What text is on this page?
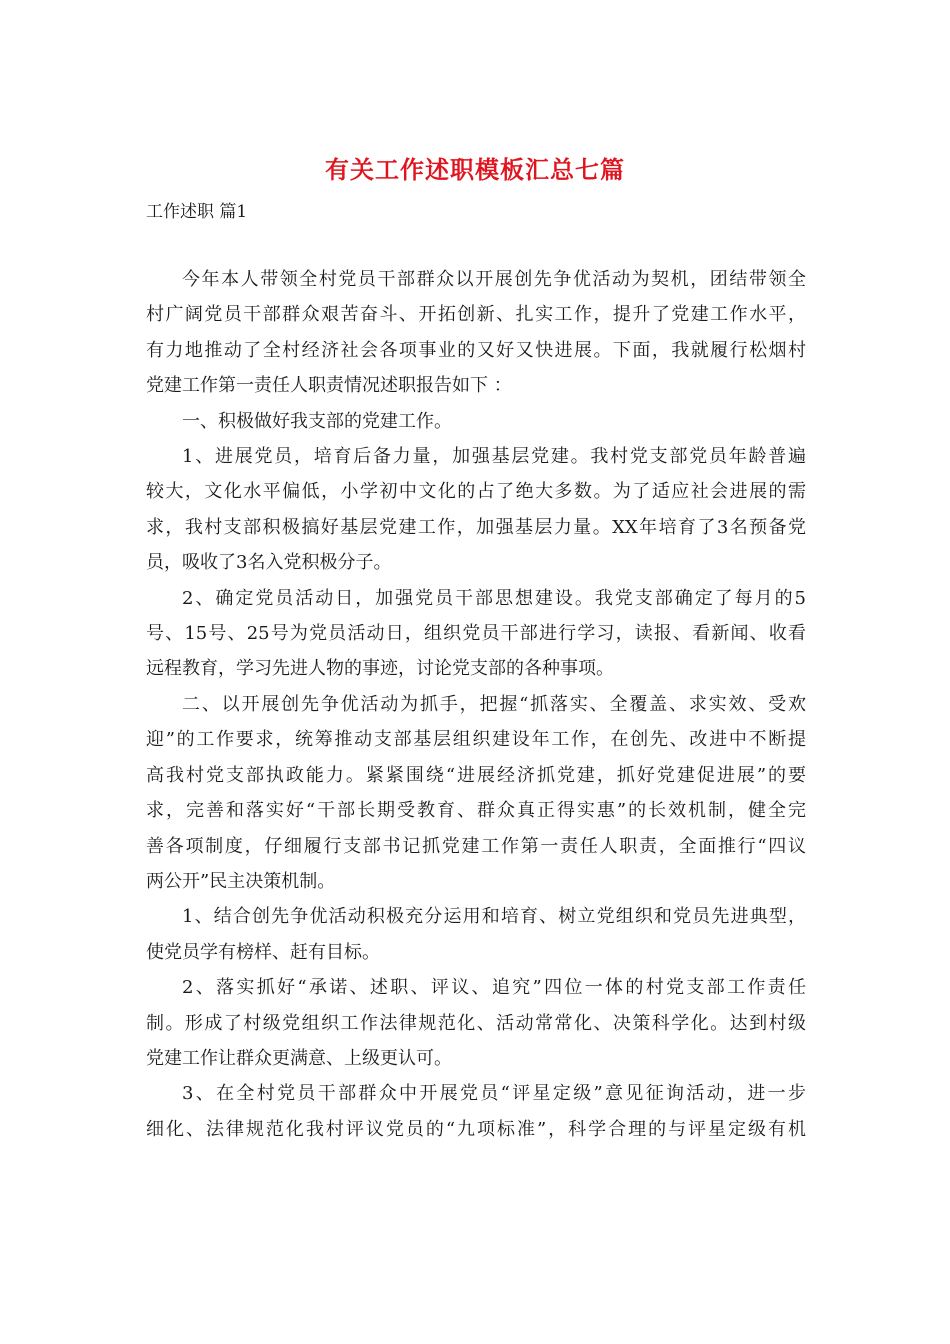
有关工作述职模板汇总七篇
工作述职 篇1
今年本人带领全村党员干部群众以开展创先争优活动为契机，团结带领全
村广阔党员干部群众艰苦奋斗、开拓创新、扎实工作，提升了党建工作水平，
有力地推动了全村经济社会各项事业的又好又快进展。下面，我就履行松烟村
党建工作第一责任人职责情况述职报告如下 ：
一、积极做好我支部的党建工作。
1、进展党员，培育后备力量，加强基层党建。我村党支部党员年龄普遍
较大，文化水平偏低，小学初中文化的占了绝大多数。为了适应社会进展的需
求，我村支部积极搞好基层党建工作，加强基层力量。XX年培育了3名预备党
员，吸收了3名入党积极分子。
2、确定党员活动日，加强党员干部思想建设。我党支部确定了每月的5
号、15号、25号为党员活动日，组织党员干部进行学习，读报、看新闻、收看
远程教育，学习先进人物的事迹，讨论党支部的各种事项。
二、以开展创先争优活动为抓手，把握“抓落实、全覆盖、求实效、受欢
迎”的工作要求，统筹推动支部基层组织建设年工作，在创先、改进中不断提
高我村党支部执政能力。紧紧围绕“进展经济抓党建，抓好党建促进展”的要
求，完善和落实好“干部长期受教育、群众真正得实惠”的长效机制，健全完
善各项制度，仔细履行支部书记抓党建工作第一责任人职责，全面推行“四议
两公开”民主决策机制。
1、结合创先争优活动积极充分运用和培育、树立党组织和党员先进典型，
使党员学有榜样、赶有目标。
2、落实抓好“承诺、述职、评议、追究”四位一体的村党支部工作责任
制。形成了村级党组织工作法律规范化、活动常常化、决策科学化。达到村级
党建工作让群众更满意、上级更认可。
3、在全村党员干部群众中开展党员“评星定级”意见征询活动，进一步
细化、法律规范化我村评议党员的“九项标准”，科学合理的与评星定级有机
